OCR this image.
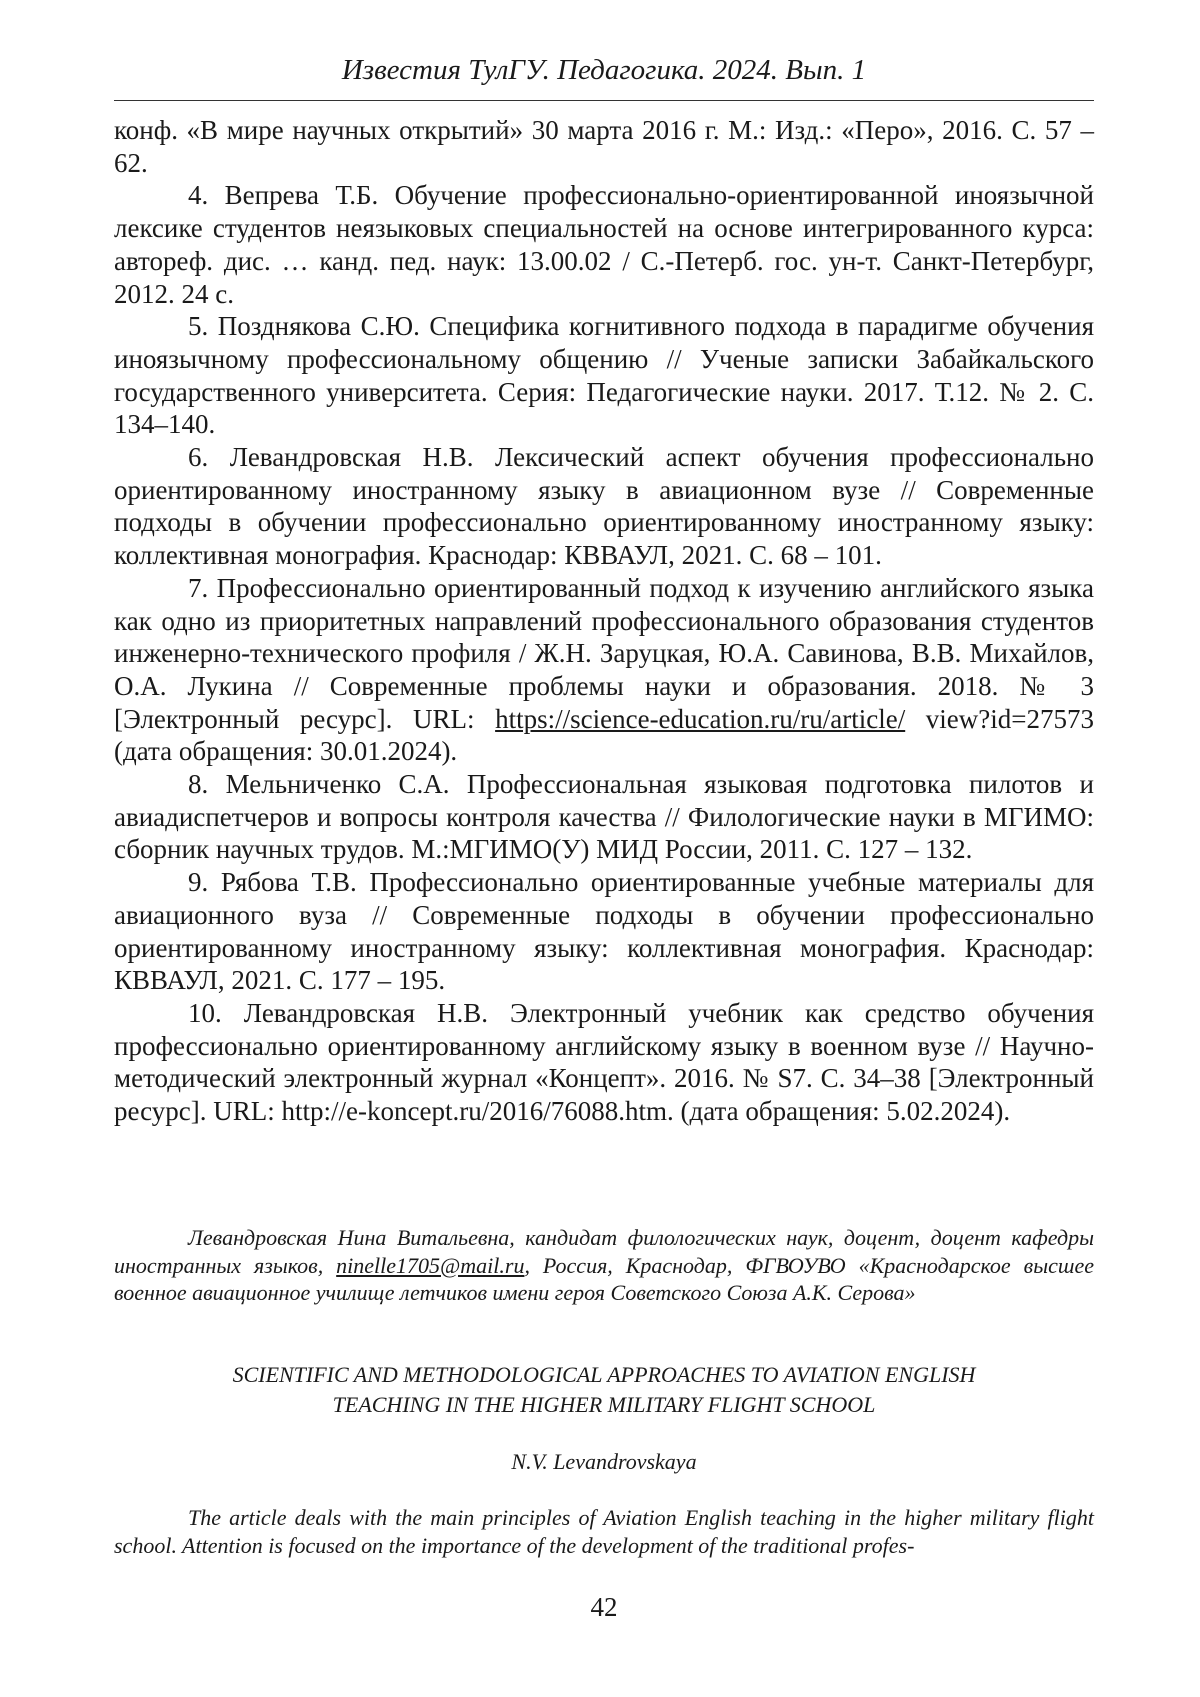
Известия ТулГУ. Педагогика. 2024. Вып. 1

конф. «В мире научных открытий» 30 марта 2016 г. М.: Изд.: «Перо», 2016. С. 57 – 62.

4. Вепрева Т.Б. Обучение профессионально-ориентированной иноязычной лексике студентов неязыковых специальностей на основе интегрированного курса: автореф. дис. … канд. пед. наук: 13.00.02 / С.-Петерб. гос. ун-т. Санкт-Петербург, 2012. 24 с.

5. Позднякова С.Ю. Специфика когнитивного подхода в парадигме обучения иноязычному профессиональному общению // Ученые записки Забайкальского государственного университета. Серия: Педагогические науки. 2017. Т.12. № 2. С. 134–140.

6. Левандровская Н.В. Лексический аспект обучения профессионально ориентированному иностранному языку в авиационном вузе // Современные подходы в обучении профессионально ориентированному иностранному языку: коллективная монография. Краснодар: КВВАУЛ, 2021. С. 68 – 101.

7. Профессионально ориентированный подход к изучению английского языка как одно из приоритетных направлений профессионального образования студентов инженерно-технического профиля / Ж.Н. Заруцкая, Ю.А. Савинова, В.В. Михайлов, О.А. Лукина // Современные проблемы науки и образования. 2018. № 3 [Электронный ресурс]. URL: https://science-education.ru/ru/article/ view?id=27573 (дата обращения: 30.01.2024).

8. Мельниченко С.А. Профессиональная языковая подготовка пилотов и авиадиспетчеров и вопросы контроля качества // Филологические науки в МГИМО: сборник научных трудов. М.:МГИМО(У) МИД России, 2011. С. 127 – 132.

9. Рябова Т.В. Профессионально ориентированные учебные материалы для авиационного вуза // Современные подходы в обучении профессионально ориентированному иностранному языку: коллективная монография. Краснодар: КВВАУЛ, 2021. С. 177 – 195.

10. Левандровская Н.В. Электронный учебник как средство обучения профессионально ориентированному английскому языку в военном вузе // Научно-методический электронный журнал «Концепт». 2016. № S7. С. 34–38 [Электронный ресурс]. URL: http://e-koncept.ru/2016/76088.htm. (дата обращения: 5.02.2024).

Левандровская Нина Витальевна, кандидат филологических наук, доцент, доцент кафедры иностранных языков, ninelle1705@mail.ru, Россия, Краснодар, ФГВОУВО «Краснодарское высшее военное авиационное училище летчиков имени героя Советского Союза А.К. Серова»

SCIENTIFIC AND METHODOLOGICAL APPROACHES TO AVIATION ENGLISH
TEACHING IN THE HIGHER MILITARY FLIGHT SCHOOL

N.V. Levandrovskaya

The article deals with the main principles of Aviation English teaching in the higher military flight school. Attention is focused on the importance of the development of the traditional profes-

42
